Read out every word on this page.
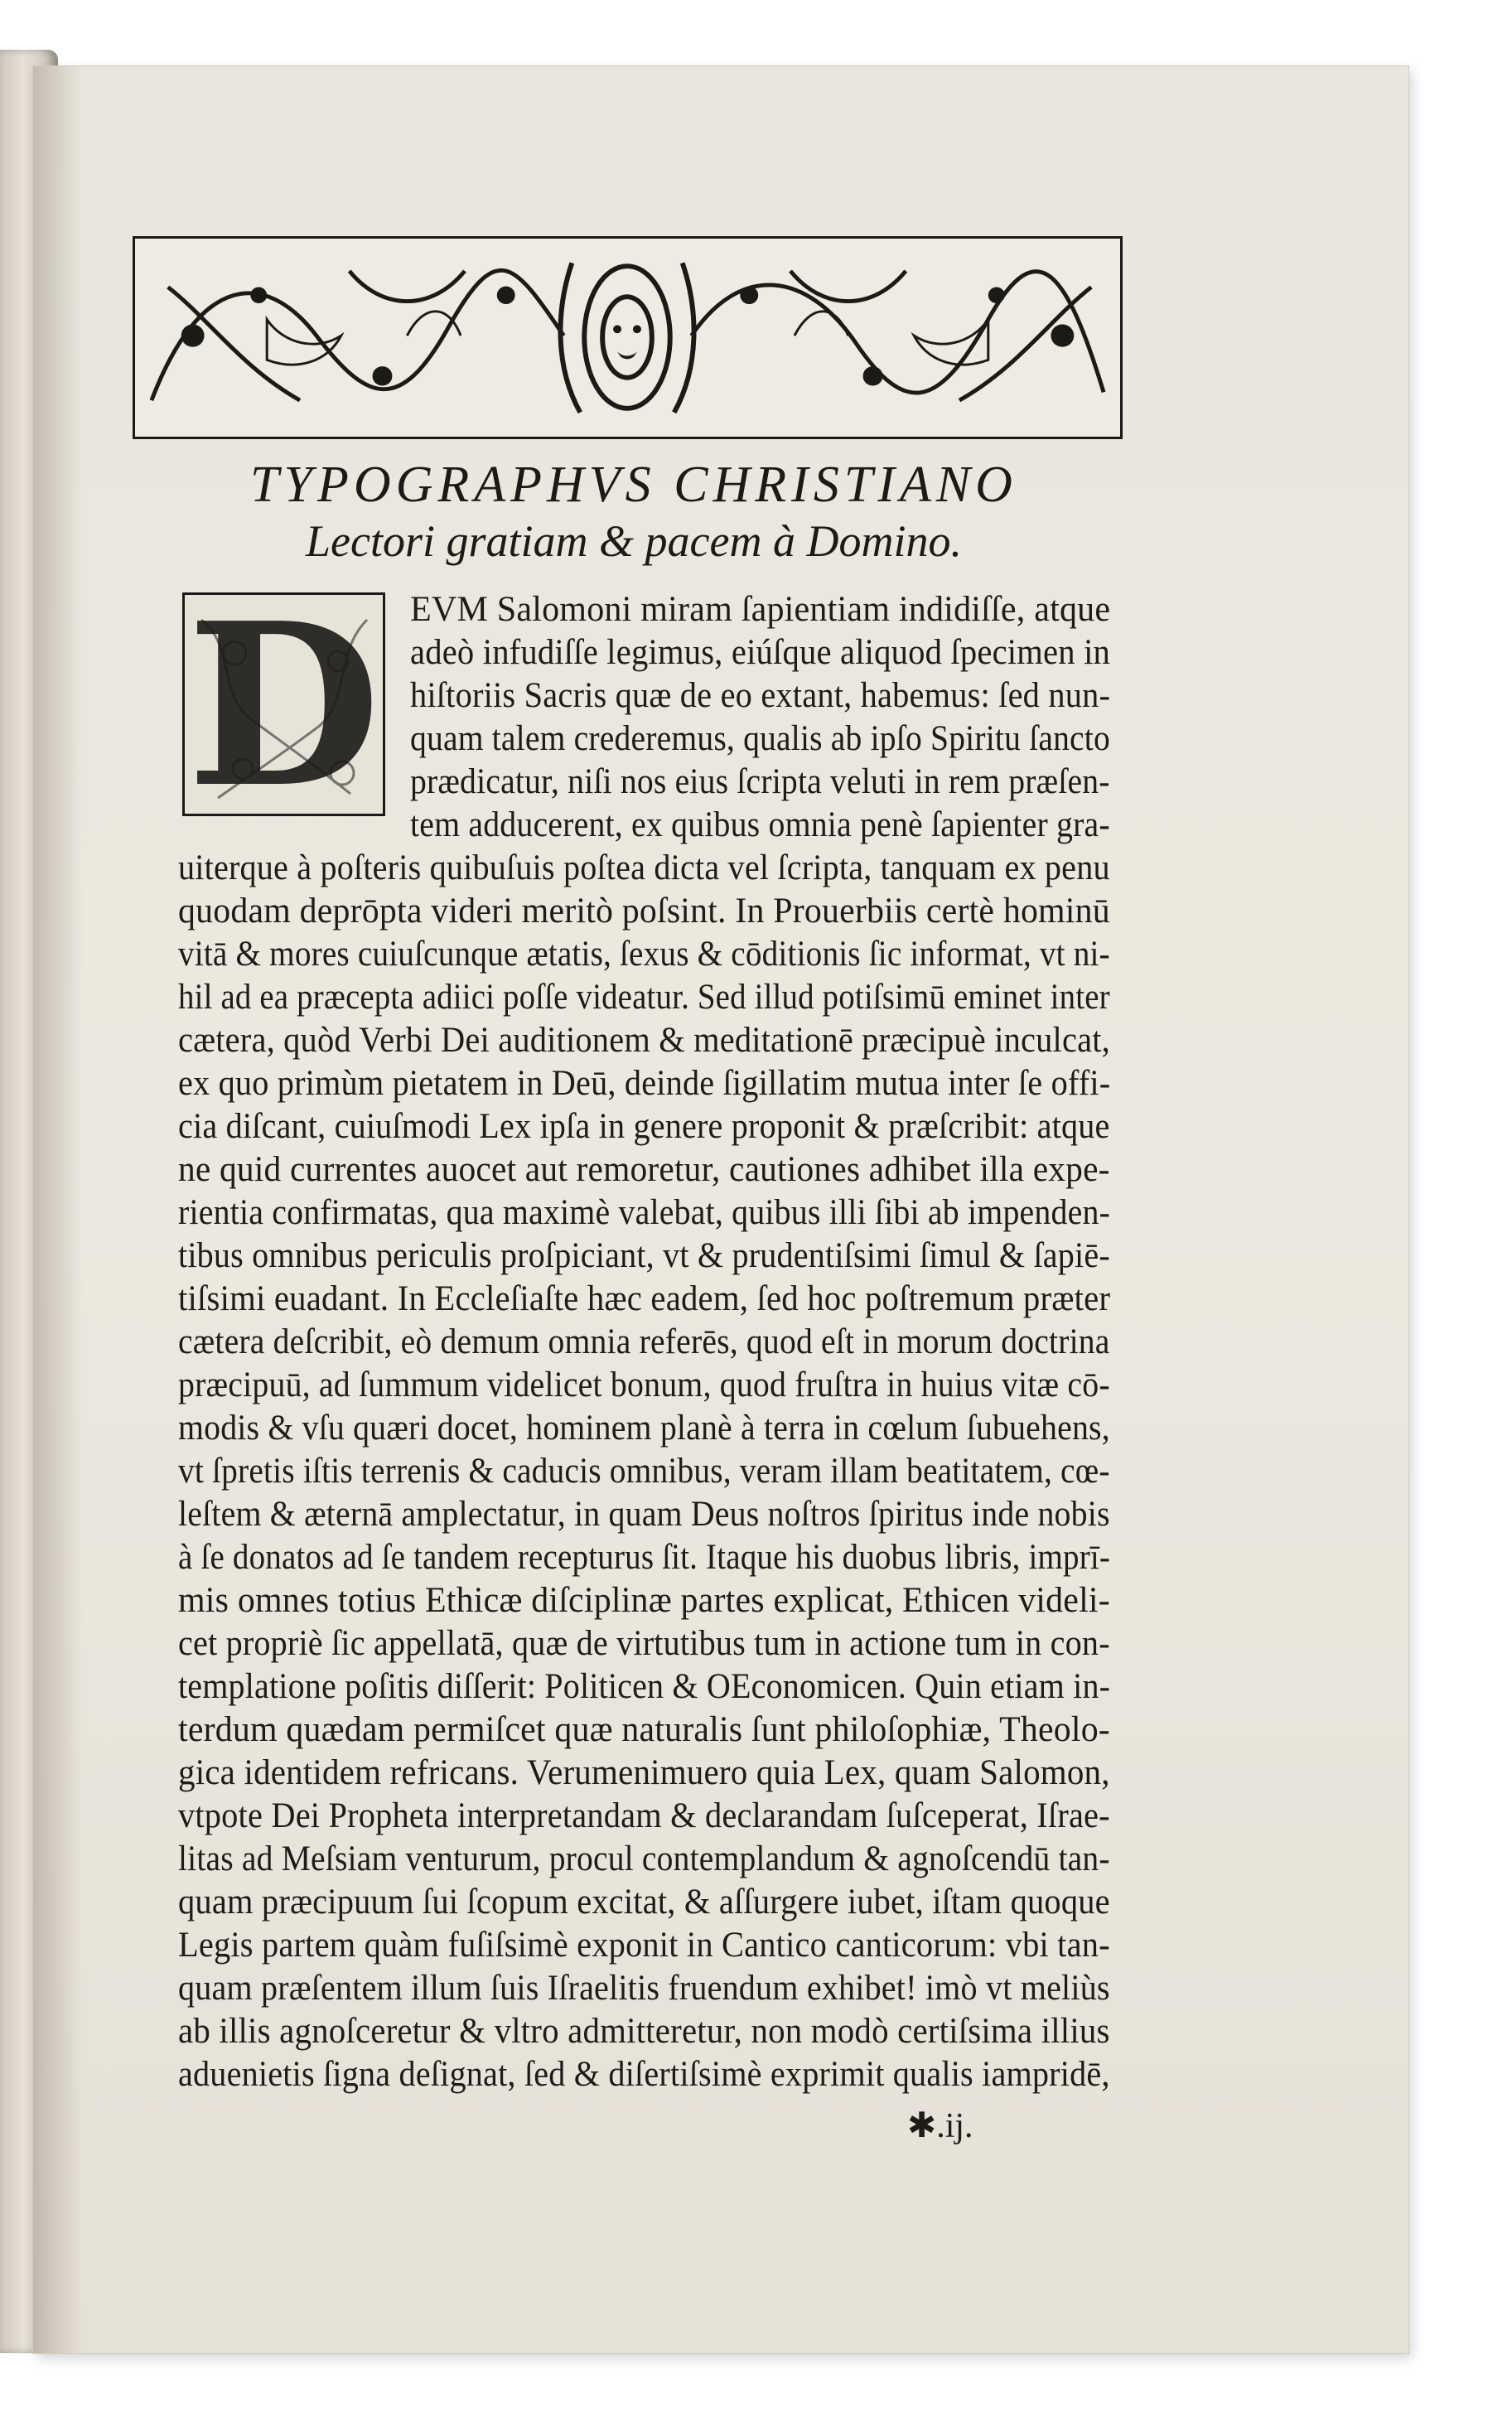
TYPOGRAPHVS CHRISTIANO
Lectori gratiam & pacem à Domino.
D EVM Salomoni miram ſapientiam indidiſſe, atque
adeò infudiſſe legimus, eiúſque aliquod ſpecimen in
hiſtoriis Sacris quæ de eo extant, habemus: ſed nun-
quam talem crederemus, qualis ab ipſo Spiritu ſancto
prædicatur, niſi nos eius ſcripta veluti in rem præſen-
tem adducerent, ex quibus omnia penè ſapienter gra-
uiterque à poſteris quibuſuis poſtea dicta vel ſcripta, tanquam ex penu
quodam deprōpta videri meritò poſsint. In Prouerbiis certè hominū
vitā & mores cuiuſcunque ætatis, ſexus & cōditionis ſic informat, vt ni-
hil ad ea præcepta adiici poſſe videatur. Sed illud potiſsimū eminet inter
cætera, quòd Verbi Dei auditionem & meditationē præcipuè inculcat,
ex quo primùm pietatem in Deū, deinde ſigillatim mutua inter ſe offi-
cia diſcant, cuiuſmodi Lex ipſa in genere proponit & præſcribit: atque
ne quid currentes auocet aut remoretur, cautiones adhibet illa expe-
rientia confirmatas, qua maximè valebat, quibus illi ſibi ab impenden-
tibus omnibus periculis proſpiciant, vt & prudentiſsimi ſimul & ſapiē-
tiſsimi euadant. In Eccleſiaſte hæc eadem, ſed hoc poſtremum præter
cætera deſcribit, eò demum omnia referēs, quod eſt in morum doctrina
præcipuū, ad ſummum videlicet bonum, quod fruſtra in huius vitæ cō-
modis & vſu quæri docet, hominem planè à terra in cœlum ſubuehens,
vt ſpretis iſtis terrenis & caducis omnibus, veram illam beatitatem, cœ-
leſtem & æternā amplectatur, in quam Deus noſtros ſpiritus inde nobis
à ſe donatos ad ſe tandem recepturus ſit. Itaque his duobus libris, imprī-
mis omnes totius Ethicæ diſciplinæ partes explicat, Ethicen videli-
cet propriè ſic appellatā, quæ de virtutibus tum in actione tum in con-
templatione poſitis diſſerit: Politicen & OEconomicen. Quin etiam in-
terdum quædam permiſcet quæ naturalis ſunt philoſophiæ, Theolo-
gica identidem refricans. Verumenimuero quia Lex, quam Salomon,
vtpote Dei Propheta interpretandam & declarandam ſuſceperat, Iſrae-
litas ad Meſsiam venturum, procul contemplandum & agnoſcendū tan-
quam præcipuum ſui ſcopum excitat, & aſſurgere iubet, iſtam quoque
Legis partem quàm fuſiſsimè exponit in Cantico canticorum: vbi tan-
quam præſentem illum ſuis Iſraelitis fruendum exhibet! imò vt meliùs
ab illis agnoſceretur & vltro admitteretur, non modò certiſsima illius
aduenietis ſigna deſignat, ſed & diſertiſsimè exprimit qualis iampridē,
✱.ij.
